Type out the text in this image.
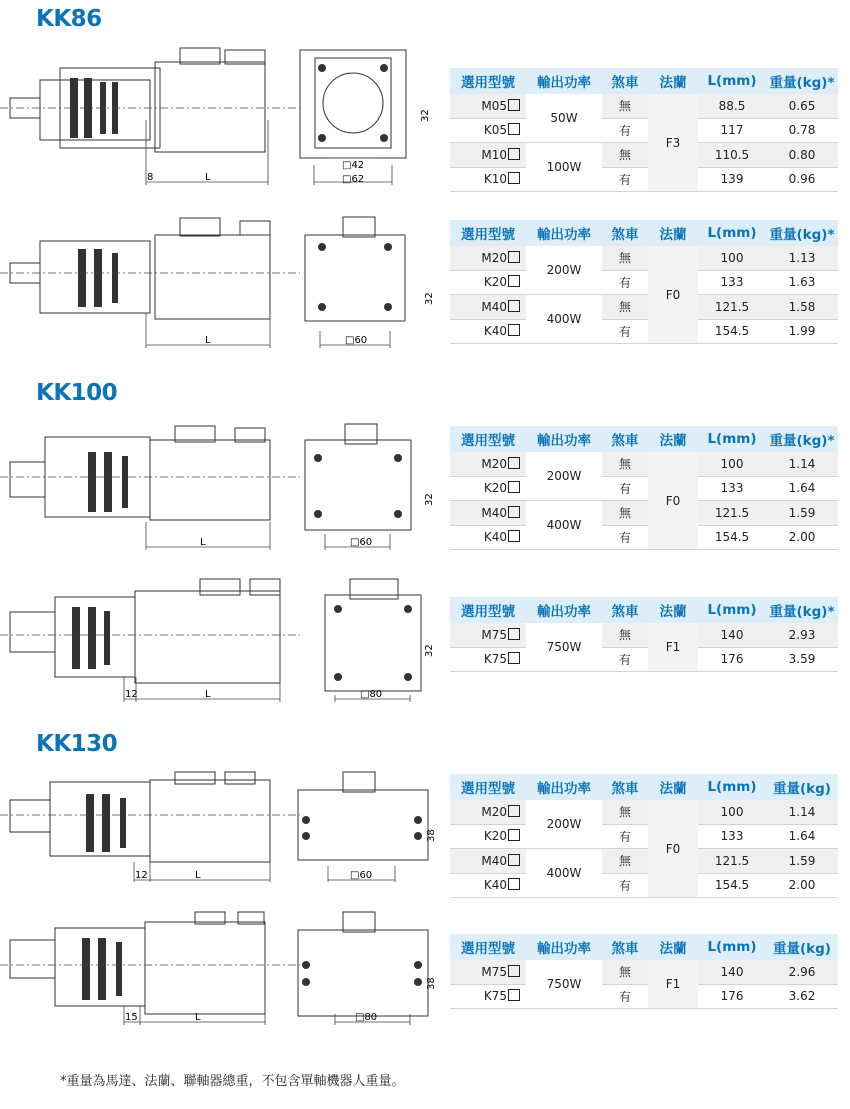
KK86
KK100
KK130
8	L
□42
□62
32
L	□60
32
L	□60
32
12	L	□80
32
12	L	□60
38
15	L	□80
38
選用型號	輸出功率	煞車	法蘭	L(mm)	重量(kg)*
M05	50W	無	F3	88.5	0.65
K05		有		117	0.78
M10	100W	無		110.5	0.80
K10		有		139	0.96
選用型號	輸出功率	煞車	法蘭	L(mm)	重量(kg)*
M20	200W	無	F0	100	1.13
K20		有		133	1.63
M40	400W	無		121.5	1.58
K40		有		154.5	1.99
選用型號	輸出功率	煞車	法蘭	L(mm)	重量(kg)*
M20	200W	無	F0	100	1.14
K20		有		133	1.64
M40	400W	無		121.5	1.59
K40		有		154.5	2.00
選用型號	輸出功率	煞車	法蘭	L(mm)	重量(kg)*
M75	750W	無	F1	140	2.93
K75		有		176	3.59
選用型號	輸出功率	煞車	法蘭	L(mm)	重量(kg)
M20	200W	無	F0	100	1.14
K20		有		133	1.64
M40	400W	無		121.5	1.59
K40		有		154.5	2.00
選用型號	輸出功率	煞車	法蘭	L(mm)	重量(kg)
M75	750W	無	F1	140	2.96
K75		有		176	3.62
*重量為馬達、法蘭、聯軸器總重，不包含單軸機器人重量。
